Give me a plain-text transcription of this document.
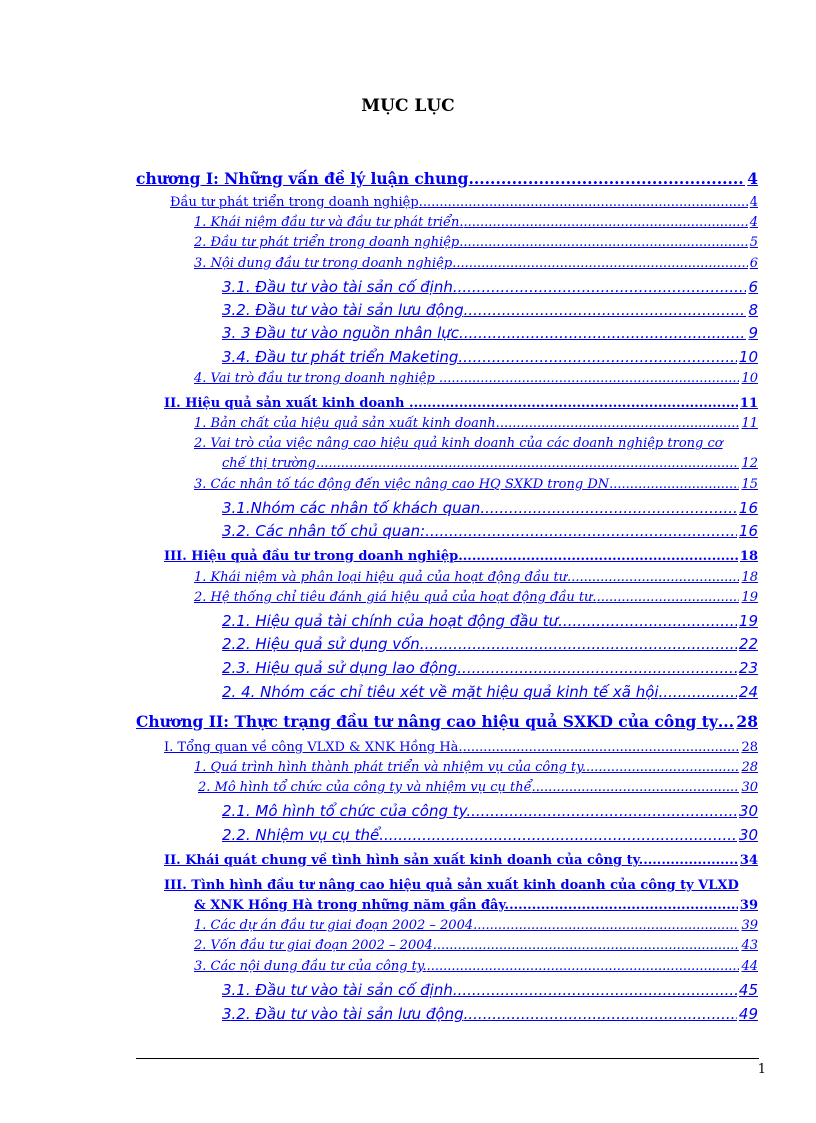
MỤC LỤC
chương I: Những vấn đề lý luận chung. .....	4
Đầu tư phát triển trong doanh nghiệp .....	4
1. Khái niệm đầu tư và đầu tư phát triển. .....	4
2. Đầu tư phát triển trong doanh nghiệp. .....	5
3. Nội dung đầu tư trong doanh nghiệp .....	6
3.1. Đầu tư vào tài sản cố định. .....	6
3.2. Đầu tư vào tài sản lưu động .....	8
3. 3 Đầu tư vào nguồn nhân lực .....	9
3.4. Đầu tư phát triển Maketing .....	10
4. Vai trò đầu tư trong doanh nghiệp . .....	10
II. Hiệu quả sản xuất kinh doanh . .....	11
1. Bản chất của hiệu quả sản xuất kinh doanh. .....	11
2. Vai trò của việc nâng cao hiệu quả kinh doanh của các doanh nghiệp trong cơ
chế thị trường. .....	12
3. Các nhân tố tác động đến việc nâng cao HQ SXKD trong DN .....	15
3.1.Nhóm các nhân tố khách quan .....	16
3.2. Các nhân tố chủ quan: .....	16
III. Hiệu quả đầu tư trong doanh nghiệp. .....	18
1. Khái niệm và phân loại hiệu quả của hoạt động đầu tư. .....	18
2. Hệ thống chỉ tiêu đánh giá hiệu quả của hoạt động đầu tư. .....	19
2.1. Hiệu quả tài chính của hoạt động đầu tư. .....	19
2.2. Hiệu quả sử dụng vốn. .....	22
2.3. Hiệu quả sử dụng lao động. .....	23
2. 4. Nhóm các chỉ tiêu xét về mặt hiệu quả kinh tế xã hội .....	24
Chương II: Thực trạng đầu tư nâng cao hiệu quả SXKD của công ty ..... 28
I. Tổng quan về công VLXD & XNK Hồng Hà. .....	28
1. Quá trình hình thành phát triển và nhiệm vụ của công ty. .....	28
2. Mô hình tổ chức của công ty và nhiệm vụ cụ thể .....	30
2.1. Mô hình tổ chức của công ty. .....	30
2.2. Nhiệm vụ cụ thể .....	30
II. Khái quát chung về tình hình sản xuất kinh doanh của công ty. .....	34
III. Tình hình đầu tư nâng cao hiệu quả sản xuất kinh doanh của công ty VLXD
& XNK Hồng Hà trong những năm gần đây. .....	39
1. Các dự án đầu tư giai đoạn 2002 – 2004. .....	39
2. Vốn đầu tư giai đoạn 2002 – 2004. .....	43
3. Các nội dung đầu tư của công ty. .....	44
3.1. Đầu tư vào tài sản cố định .....	45
3.2. Đầu tư vào tài sản lưu động .....	49
1
